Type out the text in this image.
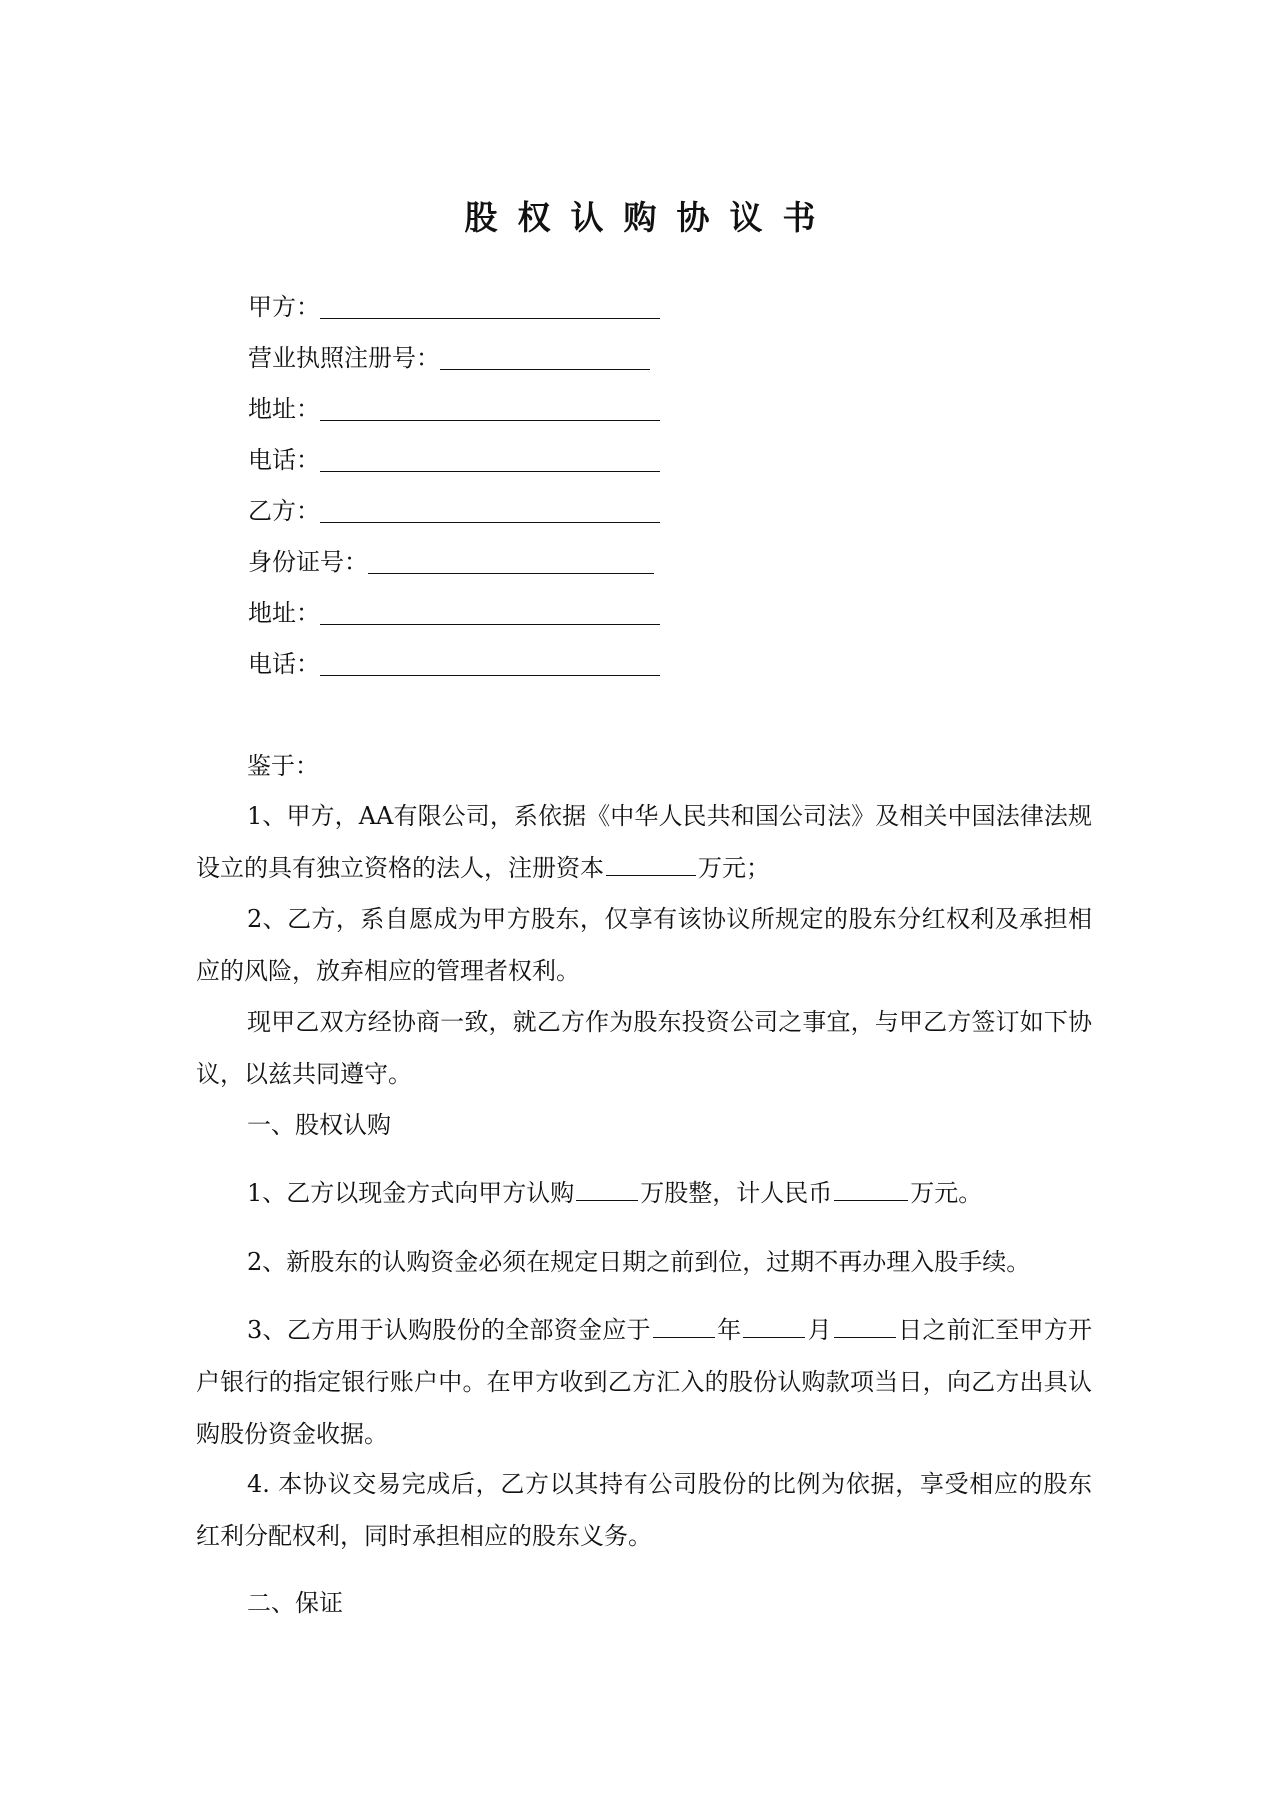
股权认购协议书
甲方：
营业执照注册号：
地址：
电话：
乙方：
身份证号：
地址：
电话：

鉴于：

1、甲方，AA有限公司，系依据《中华人民共和国公司法》及相关中国法律法规设立的具有独立资格的法人，注册资本	万元；

2、乙方，系自愿成为甲方股东，仅享有该协议所规定的股东分红权利及承担相应的风险，放弃相应的管理者权利。

现甲乙双方经协商一致，就乙方作为股东投资公司之事宜，与甲乙方签订如下协议，以兹共同遵守。

一、股权认购

1、乙方以现金方式向甲方认购	万股整，计人民币	万元。

2、新股东的认购资金必须在规定日期之前到位，过期不再办理入股手续。

3、乙方用于认购股份的全部资金应于	年	月	日之前汇至甲方开户银行的指定银行账户中。在甲方收到乙方汇入的股份认购款项当日，向乙方出具认购股份资金收据。

4. 本协议交易完成后，乙方以其持有公司股份的比例为依据，享受相应的股东红利分配权利，同时承担相应的股东义务。

二、保证
